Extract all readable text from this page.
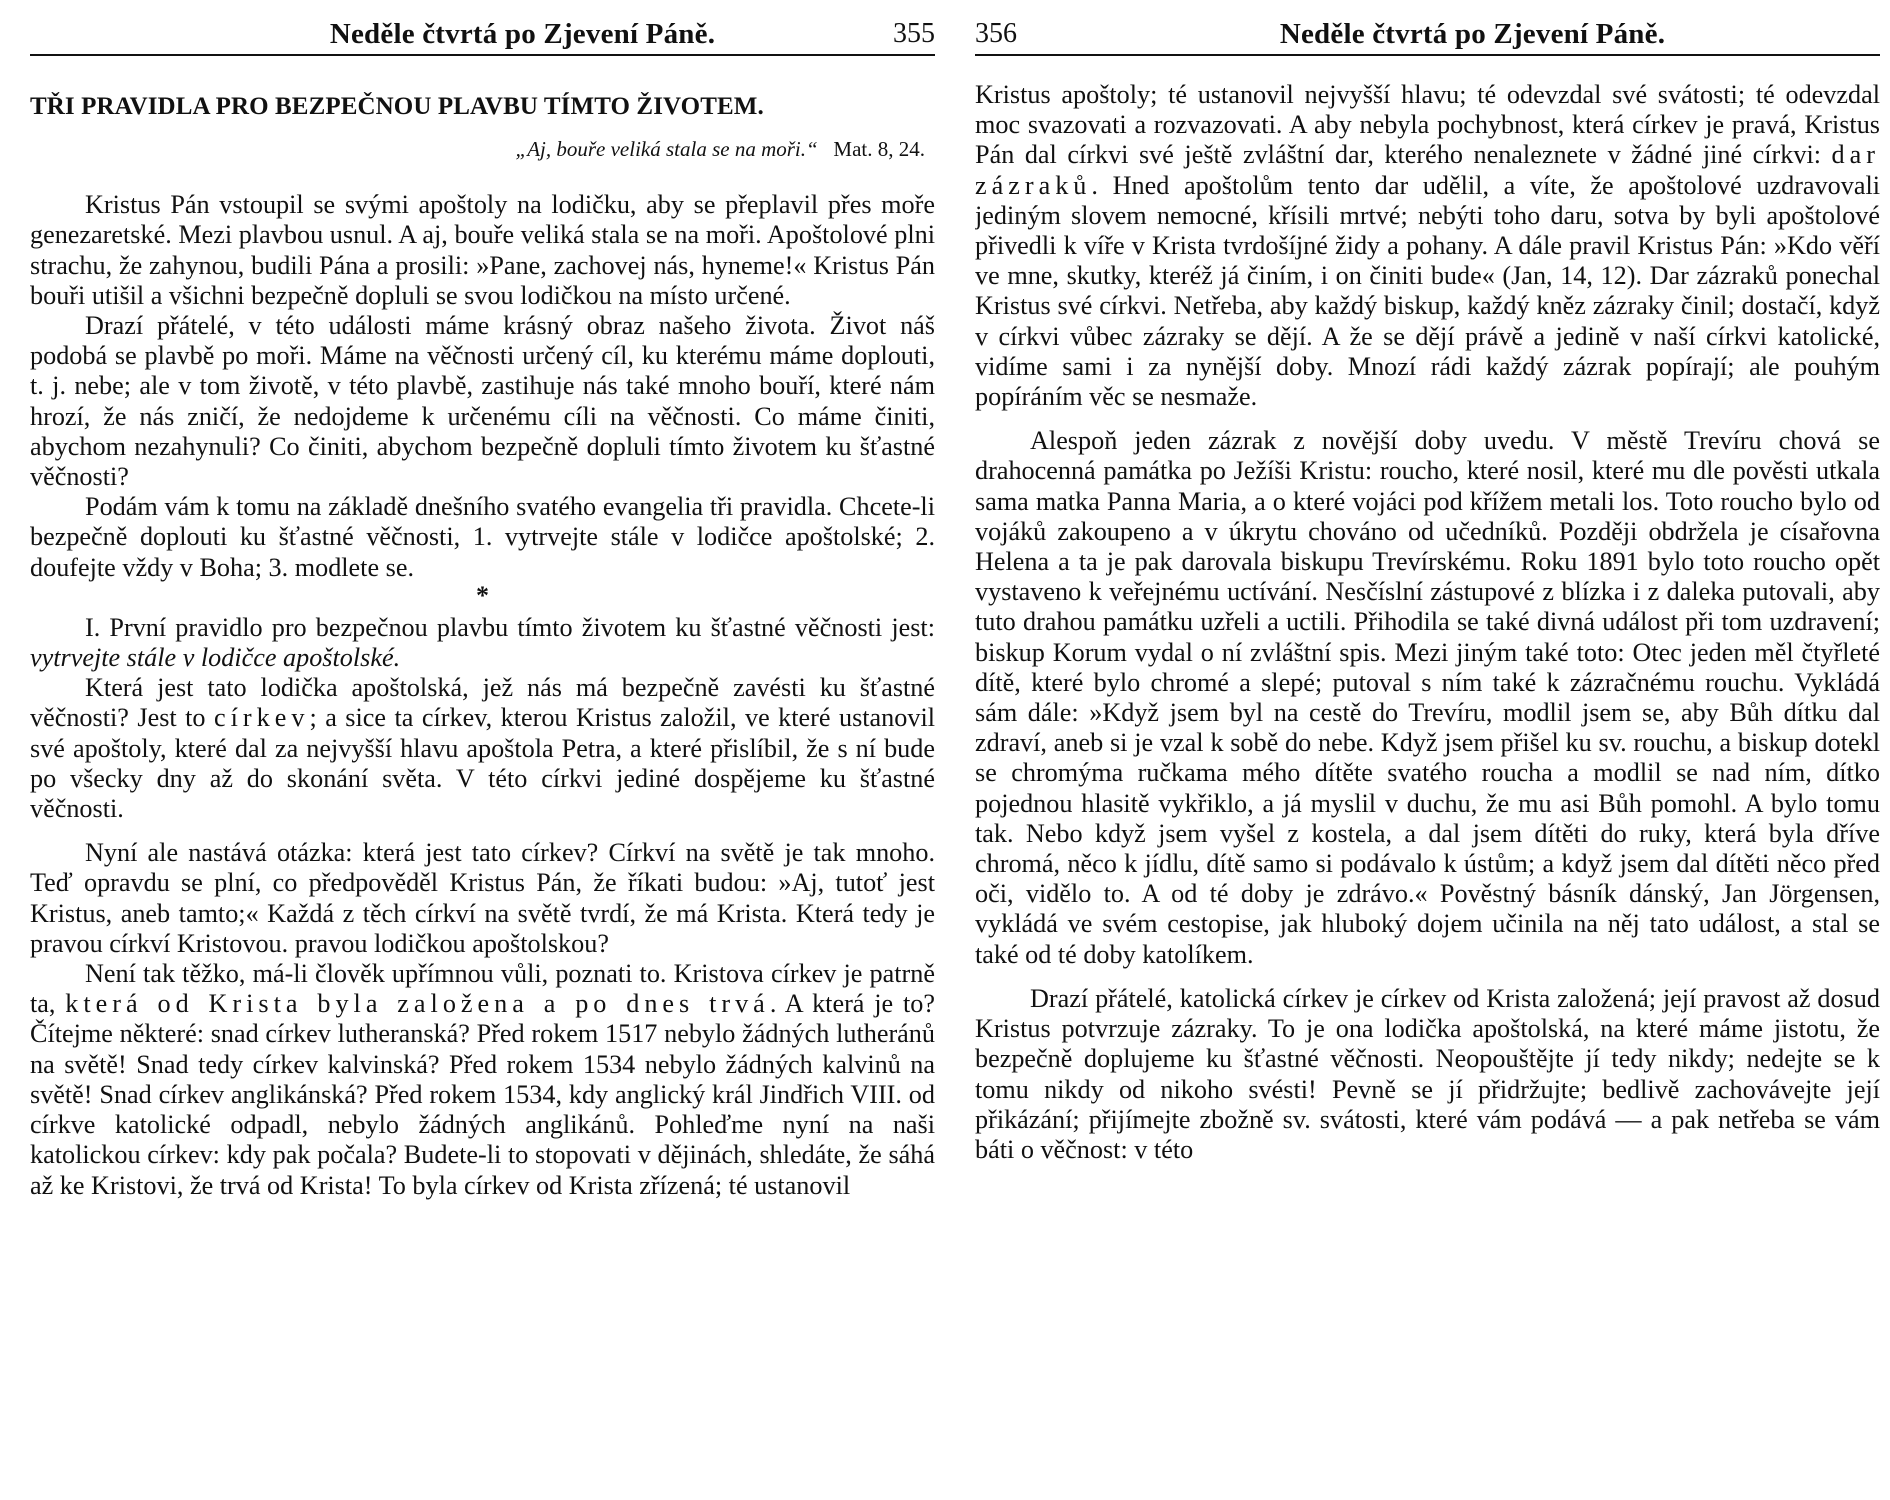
Neděle čtvrtá po Zjevení Páně.	355
TŘI PRAVIDLA PRO BEZPEČNOU PLAVBU TÍMTO ŽIVOTEM.
„Aj, bouře veliká stala se na moři.“ Mat. 8, 24.

Kristus Pán vstoupil se svými apoštoly na lodičku, aby se přeplavil přes moře genezaretské. Mezi plavbou usnul. A aj, bouře veliká stala se na moři. Apoštolové plni strachu, že zahynou, budili Pána a prosili: »Pane, zachovej nás, hyneme!« Kristus Pán bouři utišil a všichni bezpečně dopluli se svou lodičkou na místo určené.

Drazí přátelé, v této události máme krásný obraz našeho života. Život náš podobá se plavbě po moři. Máme na věčnosti určený cíl, ku kterému máme doplouti, t. j. nebe; ale v tom životě, v této plavbě, zastihuje nás také mnoho bouří, které nám hrozí, že nás zničí, že nedojdeme k určenému cíli na věčnosti. Co máme činiti, abychom nezahynuli? Co činiti, abychom bezpečně dopluli tímto životem ku šťastné věčnosti?

Podám vám k tomu na základě dnešního svatého evangelia tři pravidla. Chcete-li bezpečně doplouti ku šťastné věčnosti, 1. vytrvejte stále v lodičce apoštolské; 2. doufejte vždy v Boha; 3. modlete se.

*

I. První pravidlo pro bezpečnou plavbu tímto životem ku šťastné věčnosti jest: vytrvejte stále v lodičce apoštolské.

Která jest tato lodička apoštolská, jež nás má bezpečně zavésti ku šťastné věčnosti? Jest to církev; a sice ta církev, kterou Kristus založil, ve které ustanovil své apoštoly, které dal za nejvyšší hlavu apoštola Petra, a které přislíbil, že s ní bude po všecky dny až do skonání světa. V této církvi jediné dospějeme ku šťastné věčnosti.

Nyní ale nastává otázka: která jest tato církev? Církví na světě je tak mnoho. Teď opravdu se plní, co předpověděl Kristus Pán, že říkati budou: »Aj, tutoť jest Kristus, aneb tamto;« Každá z těch církví na světě tvrdí, že má Krista. Která tedy je pravou církví Kristovou. pravou lodičkou apoštolskou?

Není tak těžko, má-li člověk upřímnou vůli, poznati to. Kristova církev je patrně ta, která od Krista byla založena a po dnes trvá. A která je to? Čítejme některé: snad církev lutheranská? Před rokem 1517 nebylo žádných lutheránů na světě! Snad tedy církev kalvinská? Před rokem 1534 nebylo žádných kalvinů na světě! Snad církev anglikánská? Před rokem 1534, kdy anglický král Jindřich VIII. od církve katolické odpadl, nebylo žádných anglikánů. Pohleďme nyní na naši katolickou církev: kdy pak počala? Budete-li to stopovati v dějinách, shledáte, že sáhá až ke Kristovi, že trvá od Krista! To byla církev od Krista zřízená; té ustanovil

356	Neděle čtvrtá po Zjevení Páně.

Kristus apoštoly; té ustanovil nejvyšší hlavu; té odevzdal své svátosti; té odevzdal moc svazovati a rozvazovati. A aby nebyla pochybnost, která církev je pravá, Kristus Pán dal církvi své ještě zvláštní dar, kterého nenaleznete v žádné jiné církvi: dar zázraků. Hned apoštolům tento dar udělil, a víte, že apoštolové uzdravovali jediným slovem nemocné, křísili mrtvé; nebýti toho daru, sotva by byli apoštolové přivedli k víře v Krista tvrdošíjné židy a pohany. A dále pravil Kristus Pán: »Kdo věří ve mne, skutky, kteréž já činím, i on činiti bude« (Jan, 14, 12). Dar zázraků ponechal Kristus své církvi. Netřeba, aby každý biskup, každý kněz zázraky činil; dostačí, když v církvi vůbec zázraky se dějí. A že se dějí právě a jedině v naší církvi katolické, vidíme sami i za nynější doby. Mnozí rádi každý zázrak popírají; ale pouhým popíráním věc se nesmaže.

Alespoň jeden zázrak z novější doby uvedu. V městě Trevíru chová se drahocenná památka po Ježíši Kristu: roucho, které nosil, které mu dle pověsti utkala sama matka Panna Maria, a o které vojáci pod křížem metali los. Toto roucho bylo od vojáků zakoupeno a v úkrytu chováno od učedníků. Později obdržela je císařovna Helena a ta je pak darovala biskupu Trevírskému. Roku 1891 bylo toto roucho opět vystaveno k veřejnému uctívání. Nesčíslní zástupové z blízka i z daleka putovali, aby tuto drahou památku uzřeli a uctili. Přihodila se také divná událost při tom uzdravení; biskup Korum vydal o ní zvláštní spis. Mezi jiným také toto: Otec jeden měl čtyřleté dítě, které bylo chromé a slepé; putoval s ním také k zázračnému rouchu. Vykládá sám dále: »Když jsem byl na cestě do Trevíru, modlil jsem se, aby Bůh dítku dal zdraví, aneb si je vzal k sobě do nebe. Když jsem přišel ku sv. rouchu, a biskup dotekl se chromýma ručkama mého dítěte svatého roucha a modlil se nad ním, dítko pojednou hlasitě vykřiklo, a já myslil v duchu, že mu asi Bůh pomohl. A bylo tomu tak. Nebo když jsem vyšel z kostela, a dal jsem dítěti do ruky, která byla dříve chromá, něco k jídlu, dítě samo si podávalo k ústům; a když jsem dal dítěti něco před oči, vidělo to. A od té doby je zdrávo.« Pověstný básník dánský, Jan Jörgensen, vykládá ve svém cestopise, jak hluboký dojem učinila na něj tato událost, a stal se také od té doby katolíkem.

Drazí přátelé, katolická církev je církev od Krista založená; její pravost až dosud Kristus potvrzuje zázraky. To je ona lodička apoštolská, na které máme jistotu, že bezpečně doplujeme ku šťastné věčnosti. Neopouštějte jí tedy nikdy; nedejte se k tomu nikdy od nikoho svésti! Pevně se jí přidržujte; bedlivě zachovávejte její přikázání; přijímejte zbožně sv. svátosti, které vám podává — a pak netřeba se vám báti o věčnost: v této
